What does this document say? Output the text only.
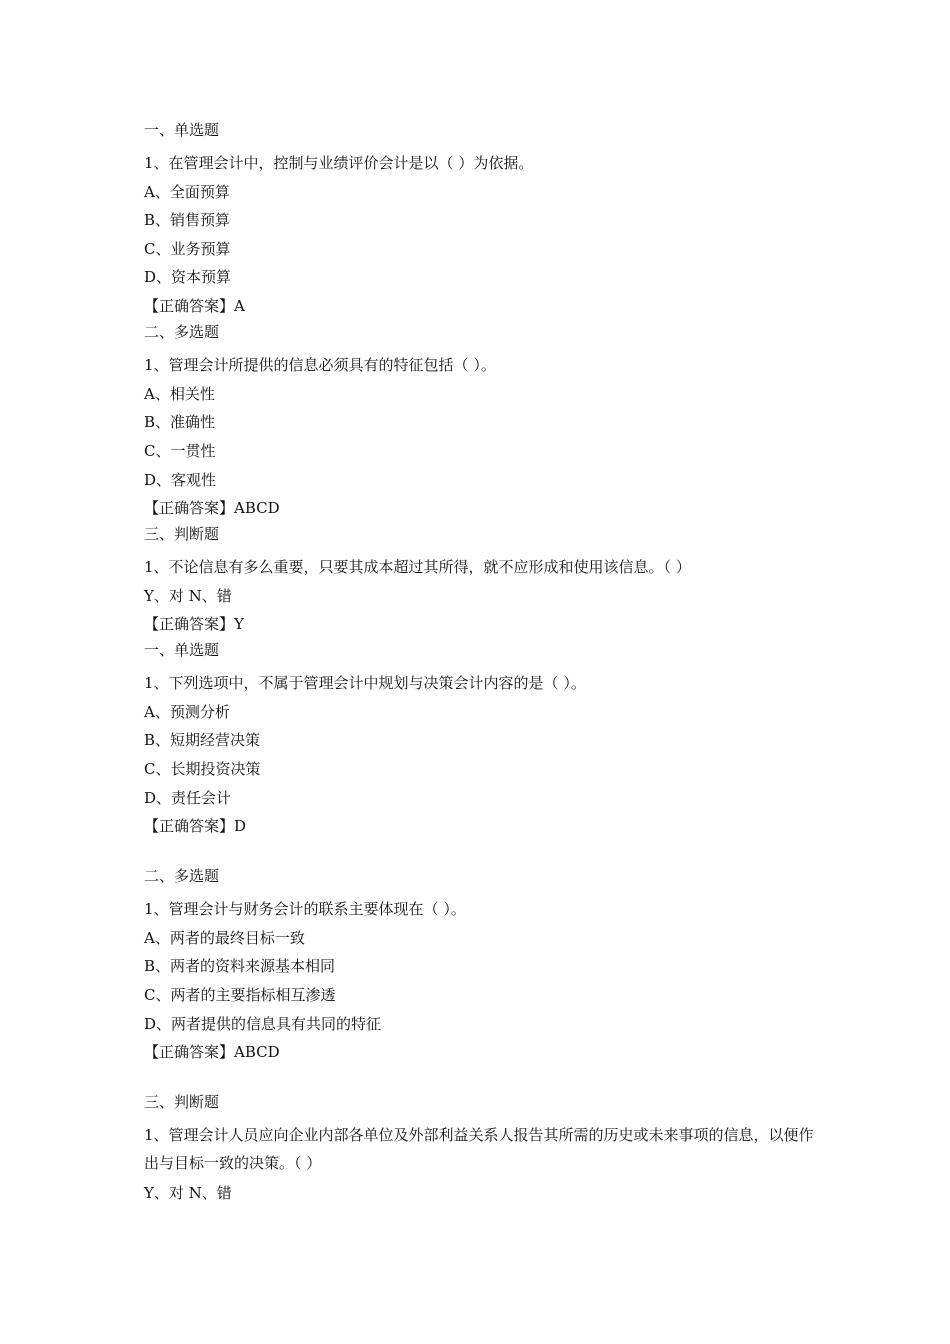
一、单选题
1、在管理会计中，控制与业绩评价会计是以（ ）为依据。
A、全面预算
B、销售预算
C、业务预算
D、资本预算
【正确答案】A
二、多选题
1、管理会计所提供的信息必须具有的特征包括（ ）。
A、相关性
B、准确性
C、一贯性
D、客观性
【正确答案】ABCD
三、判断题
1、不论信息有多么重要，只要其成本超过其所得，就不应形成和使用该信息。（ ）
Y、对 N、错
【正确答案】Y
一、单选题
1、下列选项中，不属于管理会计中规划与决策会计内容的是（ ）。
A、预测分析
B、短期经营决策
C、长期投资决策
D、责任会计
【正确答案】D
二、多选题
1、管理会计与财务会计的联系主要体现在（ ）。
A、两者的最终目标一致
B、两者的资料来源基本相同
C、两者的主要指标相互渗透
D、两者提供的信息具有共同的特征
【正确答案】ABCD
三、判断题
1、管理会计人员应向企业内部各单位及外部利益关系人报告其所需的历史或未来事项的信息，以便作出与目标一致的决策。（ ）
Y、对 N、错
